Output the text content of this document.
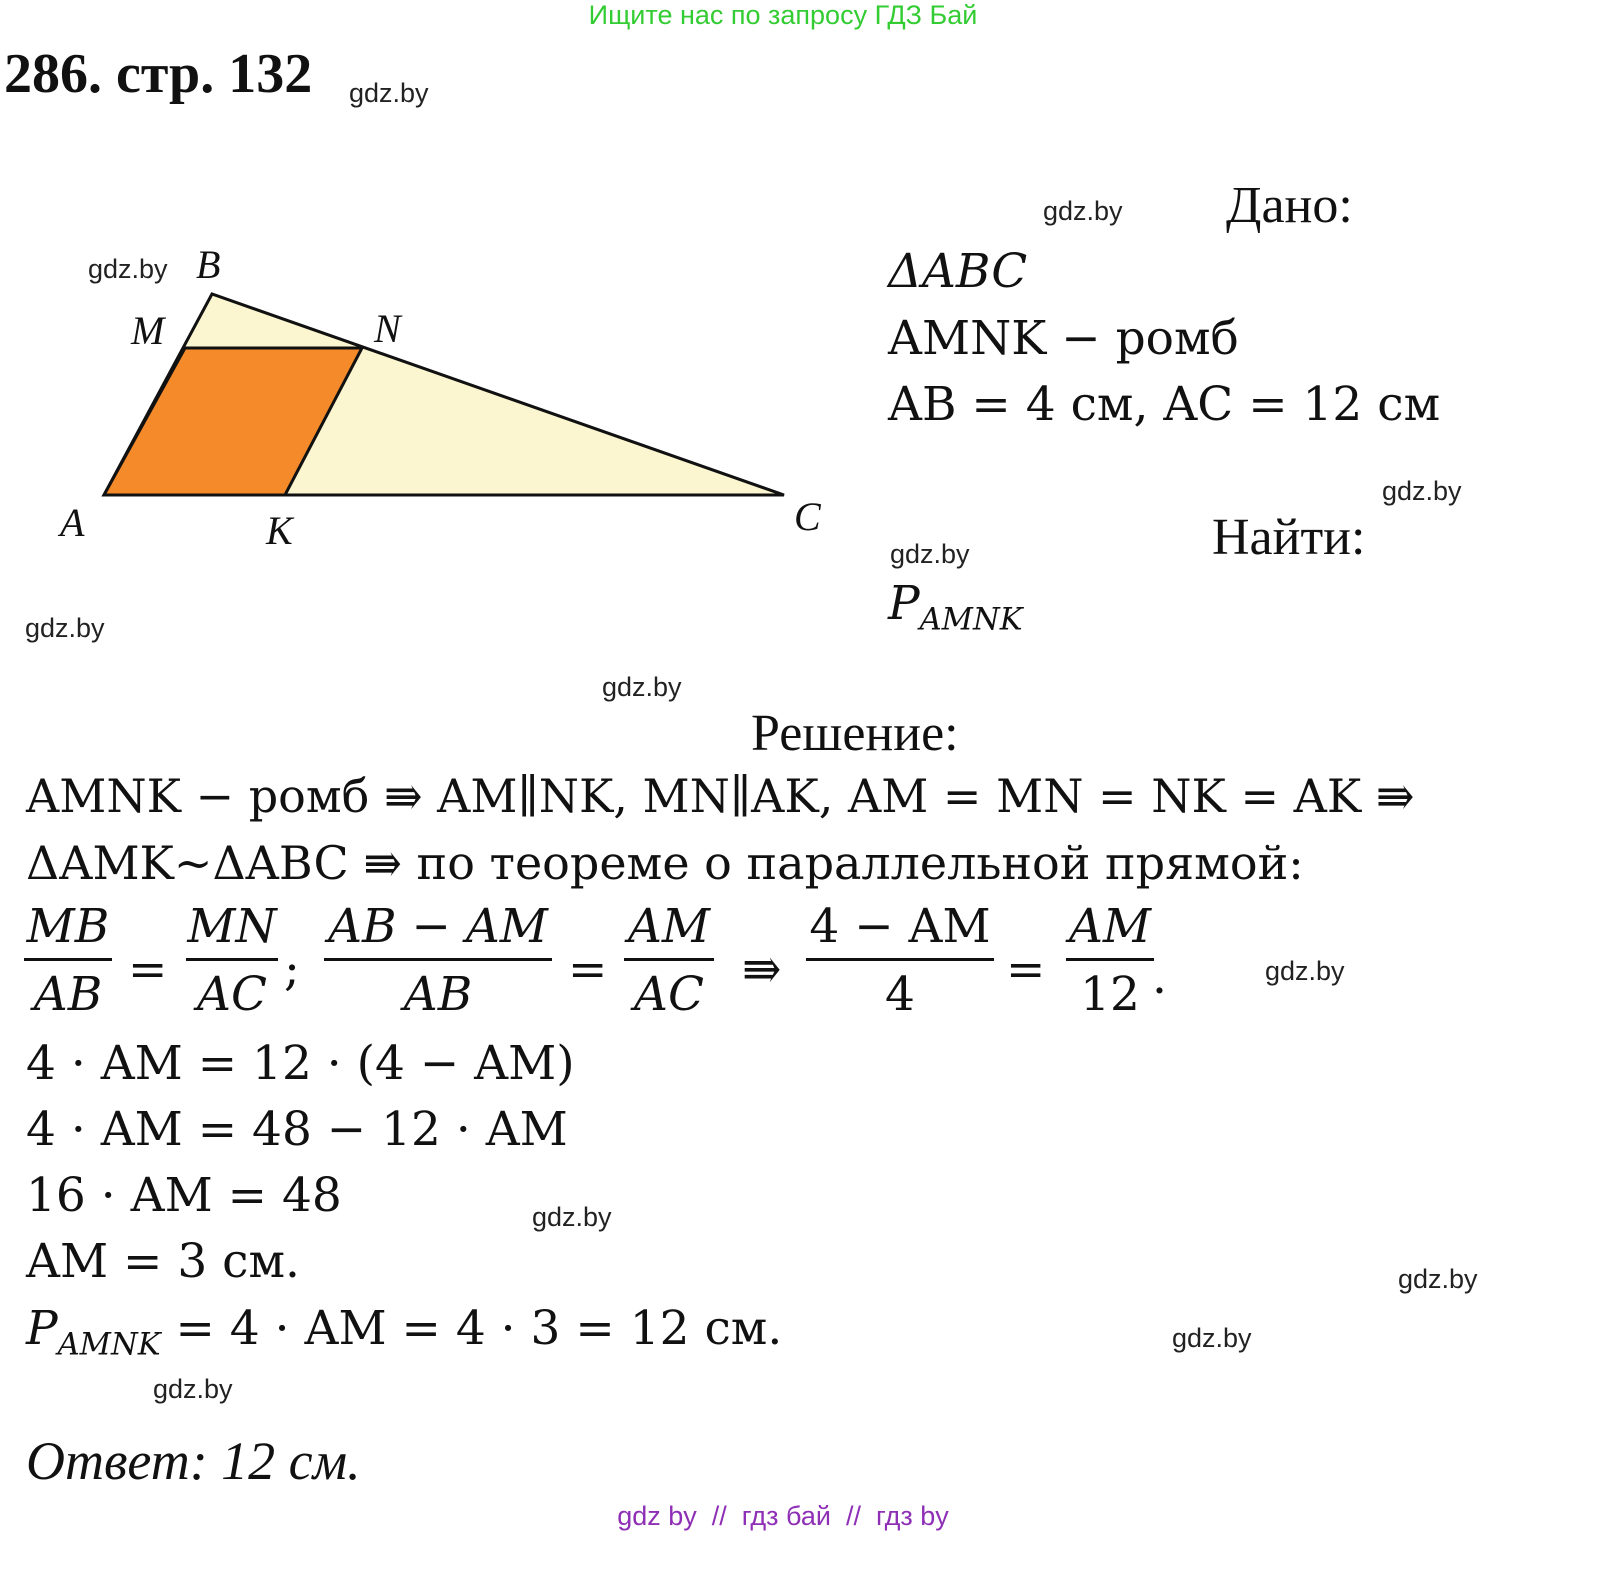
Ищите нас по запросу ГДЗ Бай
286. стр. 132 gdz.by
gdz.by
gdz.by
gdz.by
gdz.by
gdz.by
gdz.by
gdz.by
gdz.by
gdz.by
gdz.by
gdz.by
B
M	N
A	K	C
Дано:
ΔABC
AMNK − ромб
AB = 4 см, AC = 12 см
Найти:
$P_{AMNK}$
Решение:
AMNK − ромб ⇛ AM∥NK, MN∥AK, AM = MN = NK = AK ⇛
ΔAMK~ΔABC ⇛ по теореме о параллельной прямой:
MB
AB =
MN
AC ;
AB − AM
AB	=
AM
AC ⇛
4 − AM
4	=
AM
12 .
4 · AM = 12 · (4 − AM)
4 · AM = 48 − 12 · AM
16 · AM = 48
AM = 3 см.
$P_{AMNK} = 4$ · AM = 4 · 3 = 12 см.
Ответ: 12 см.
gdz by  //  гдз бай  //  гдз by
